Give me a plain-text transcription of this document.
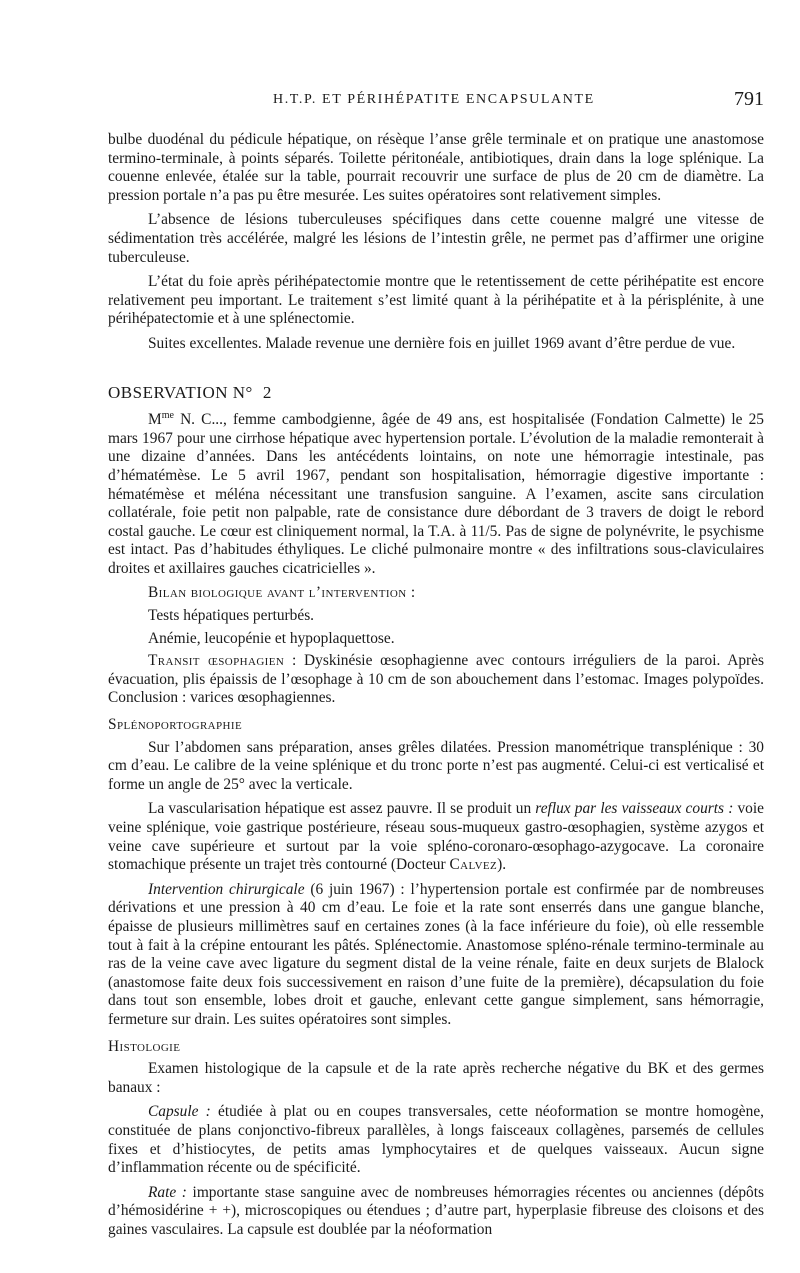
H.T.P. ET PÉRIHÉPATITE ENCAPSULANTE	791

bulbe duodénal du pédicule hépatique, on résèque l’anse grêle terminale et on pratique une anastomose termino-terminale, à points séparés. Toilette péritonéale, antibiotiques, drain dans la loge splénique. La couenne enlevée, étalée sur la table, pourrait recouvrir une surface de plus de 20 cm de diamètre. La pression portale n’a pas pu être mesurée. Les suites opératoires sont relativement simples.

L’absence de lésions tuberculeuses spécifiques dans cette couenne malgré une vitesse de sédimentation très accélérée, malgré les lésions de l’intestin grêle, ne permet pas d’affirmer une origine tuberculeuse.

L’état du foie après périhépatectomie montre que le retentissement de cette périhépatite est encore relativement peu important. Le traitement s’est limité quant à la périhépatite et à la périsplénite, à une périhépatectomie et à une splénectomie.

Suites excellentes. Malade revenue une dernière fois en juillet 1969 avant d’être perdue de vue.

OBSERVATION N° 2

$M^{me}$ N. C..., femme cambodgienne, âgée de 49 ans, est hospitalisée (Fondation Calmette) le 25 mars 1967 pour une cirrhose hépatique avec hypertension portale. L’évolution de la maladie remonterait à une dizaine d’années. Dans les antécédents lointains, on note une hémorragie intestinale, pas d’hématémèse. Le 5 avril 1967, pendant son hospitalisation, hémorragie digestive importante : hématémèse et méléna nécessitant une transfusion sanguine. A l’examen, ascite sans circulation collatérale, foie petit non palpable, rate de consistance dure débordant de 3 travers de doigt le rebord costal gauche. Le cœur est cliniquement normal, la T.A. à 11/5. Pas de signe de polynévrite, le psychisme est intact. Pas d’habitudes éthyliques. Le cliché pulmonaire montre « des infiltrations sous-claviculaires droites et axillaires gauches cicatricielles ».

Bilan biologique avant l’intervention :

Tests hépatiques perturbés.
Anémie, leucopénie et hypoplaquettose.

Transit œsophagien : Dyskinésie œsophagienne avec contours irréguliers de la paroi. Après évacuation, plis épaissis de l’œsophage à 10 cm de son abouchement dans l’estomac. Images polypoïdes. Conclusion : varices œsophagiennes.

Splénoportographie

Sur l’abdomen sans préparation, anses grêles dilatées. Pression manométrique transplénique : 30 cm d’eau. Le calibre de la veine splénique et du tronc porte n’est pas augmenté. Celui-ci est verticalisé et forme un angle de 25° avec la verticale.

La vascularisation hépatique est assez pauvre. Il se produit un reflux par les vaisseaux courts : voie veine splénique, voie gastrique postérieure, réseau sous-muqueux gastro-œsophagien, système azygos et veine cave supérieure et surtout par la voie spléno-coronaro-œsophago-azygocave. La coronaire stomachique présente un trajet très contourné (Docteur Calvez).

Intervention chirurgicale (6 juin 1967) : l’hypertension portale est confirmée par de nombreuses dérivations et une pression à 40 cm d’eau. Le foie et la rate sont enserrés dans une gangue blanche, épaisse de plusieurs millimètres sauf en certaines zones (à la face inférieure du foie), où elle ressemble tout à fait à la crépine entourant les pâtés. Splénectomie. Anastomose spléno-rénale termino-terminale au ras de la veine cave avec ligature du segment distal de la veine rénale, faite en deux surjets de Blalock (anastomose faite deux fois successivement en raison d’une fuite de la première), décapsulation du foie dans tout son ensemble, lobes droit et gauche, enlevant cette gangue simplement, sans hémorragie, fermeture sur drain. Les suites opératoires sont simples.

Histologie

Examen histologique de la capsule et de la rate après recherche négative du BK et des germes banaux :

Capsule : étudiée à plat ou en coupes transversales, cette néoformation se montre homogène, constituée de plans conjonctivo-fibreux parallèles, à longs faisceaux collagènes, parsemés de cellules fixes et d’histiocytes, de petits amas lymphocytaires et de quelques vaisseaux. Aucun signe d’inflammation récente ou de spécificité.

Rate : importante stase sanguine avec de nombreuses hémorragies récentes ou anciennes (dépôts d’hémosidérine + +), microscopiques ou étendues ; d’autre part, hyperplasie fibreuse des cloisons et des gaines vasculaires. La capsule est doublée par la néoformation
